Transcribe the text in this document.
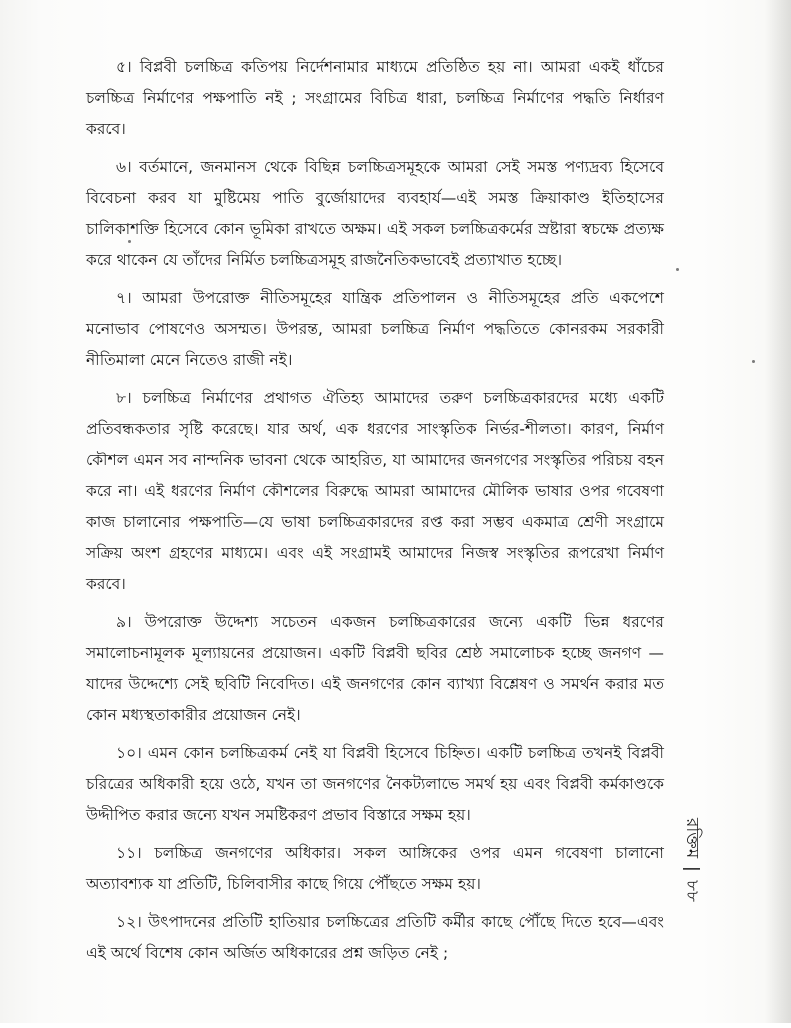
৫। বিপ্লবী চলচ্চিত্র কতিপয় নির্দেশনামার মাধ্যমে প্রতিষ্ঠিত হয় না। আমরা একই ধাঁচের চলচ্চিত্র নির্মাণের পক্ষপাতি নই ; সংগ্রামের বিচিত্র ধারা, চলচ্চিত্র নির্মাণের পদ্ধতি নির্ধারণ করবে।

৬। বর্তমানে, জনমানস থেকে বিছিন্ন চলচ্চিত্রসমূহকে আমরা সেই সমস্ত পণ্যদ্রব্য হিসেবে বিবেচনা করব যা মুষ্টিমেয় পাতি বুর্জোয়াদের ব্যবহার্য—এই সমস্ত ক্রিয়াকাণ্ড ইতিহাসের চালিকাশক্তি হিসেবে কোন ভূমিকা রাখতে অক্ষম। এই সকল চলচ্চিত্রকর্মের স্রষ্টারা স্বচক্ষে প্রত্যক্ষ করে থাকেন যে তাঁদের নির্মিত চলচ্চিত্রসমূহ রাজনৈতিকভাবেই প্রত্যাখাত হচ্ছে।

৭। আমরা উপরোক্ত নীতিসমূহের যান্ত্রিক প্রতিপালন ও নীতিসমূহের প্রতি একপেশে মনোভাব পোষণেও অসম্মত। উপরন্ত, আমরা চলচ্চিত্র নির্মাণ পদ্ধতিতে কোনরকম সরকারী নীতিমালা মেনে নিতেও রাজী নই।

৮। চলচ্চিত্র নির্মাণের প্রথাগত ঐতিহ্য আমাদের তরুণ চলচ্চিত্রকারদের মধ্যে একটি প্রতিবন্ধকতার সৃষ্টি করেছে। যার অর্থ, এক ধরণের সাংস্কৃতিক নির্ভর-শীলতা। কারণ, নির্মাণ কৌশল এমন সব নান্দনিক ভাবনা থেকে আহরিত, যা আমাদের জনগণের সংস্কৃতির পরিচয় বহন করে না। এই ধরণের নির্মাণ কৌশলের বিরুদ্ধে আমরা আমাদের মৌলিক ভাষার ওপর গবেষণা কাজ চালানোর পক্ষপাতি—যে ভাষা চলচ্চিত্রকারদের রপ্ত করা সম্ভব একমাত্র শ্রেণী সংগ্রামে সক্রিয় অংশ গ্রহণের মাধ্যমে। এবং এই সংগ্রামই আমাদের নিজস্ব সংস্কৃতির রূপরেখা নির্মাণ করবে।

৯। উপরোক্ত উদ্দেশ্য সচেতন একজন চলচ্চিত্রকারের জন্যে একটি ভিন্ন ধরণের সমালোচনামূলক মূল্যায়নের প্রয়োজন। একটি বিপ্লবী ছবির শ্রেষ্ঠ সমালোচক হচ্ছে জনগণ —যাদের উদ্দেশ্যে সেই ছবিটি নিবেদিত। এই জনগণের কোন ব্যাখ্যা বিশ্লেষণ ও সমর্থন করার মত কোন মধ্যস্থতাকারীর প্রয়োজন নেই।

১০। এমন কোন চলচ্চিত্রকর্ম নেই যা বিপ্লবী হিসেবে চিহ্নিত। একটি চলচ্চিত্র তখনই বিপ্লবী চরিত্রের অধিকারী হয়ে ওঠে, যখন তা জনগণের নৈকট্যলাভে সমর্থ হয় এবং বিপ্লবী কর্মকাণ্ডকে উদ্দীপিত করার জন্যে যখন সমষ্টিকরণ প্রভাব বিস্তারে সক্ষম হয়।

১১। চলচ্চিত্র জনগণের অধিকার। সকল আঙ্গিকের ওপর এমন গবেষণা চালানো অত্যাবশ্যক যা প্রতিটি, চিলিবাসীর কাছে গিয়ে পৌঁছতে সক্ষম হয়।

১২। উৎপাদনের প্রতিটি হাতিয়ার চলচ্চিত্রের প্রতিটি কর্মীর কাছে পৌঁছে দিতে হবে—এবং এই অর্থে বিশেষ কোন অর্জিত অধিকারের প্রশ্ন জড়িত নেই ;

রক্তিম
|
৮৮
